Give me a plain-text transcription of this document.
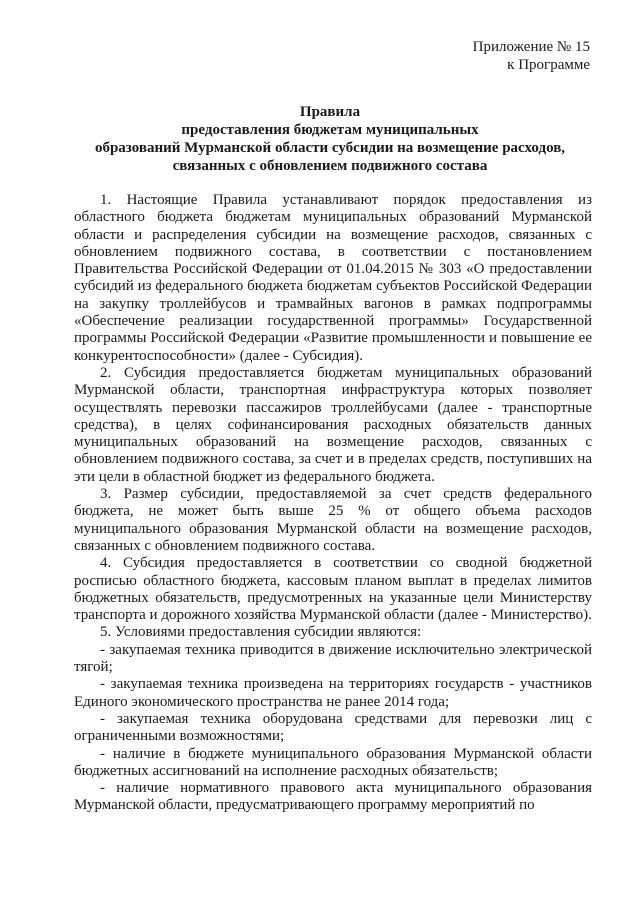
Приложение № 15
к Программе
Правила
предоставления бюджетам муниципальных
образований Мурманской области субсидии на возмещение расходов,
связанных с обновлением подвижного состава

1. Настоящие Правила устанавливают порядок предоставления из областного бюджета бюджетам муниципальных образований Мурманской области и распределения субсидии на возмещение расходов, связанных с обновлением подвижного состава, в соответствии с постановлением Правительства Российской Федерации от 01.04.2015 № 303 «О предоставлении субсидий из федерального бюджета бюджетам субъектов Российской Федерации на закупку троллейбусов и трамвайных вагонов в рамках подпрограммы «Обеспечение реализации государственной программы» Государственной программы Российской Федерации «Развитие промышленности и повышение ее конкурентоспособности» (далее - Субсидия).

2. Субсидия предоставляется бюджетам муниципальных образований Мурманской области, транспортная инфраструктура которых позволяет осуществлять перевозки пассажиров троллейбусами (далее - транспортные средства), в целях софинансирования расходных обязательств данных муниципальных образований на возмещение расходов, связанных с обновлением подвижного состава, за счет и в пределах средств, поступивших на эти цели в областной бюджет из федерального бюджета.

3. Размер субсидии, предоставляемой за счет средств федерального бюджета, не может быть выше 25 % от общего объема расходов муниципального образования Мурманской области на возмещение расходов, связанных с обновлением подвижного состава.

4. Субсидия предоставляется в соответствии со сводной бюджетной росписью областного бюджета, кассовым планом выплат в пределах лимитов бюджетных обязательств, предусмотренных на указанные цели Министерству транспорта и дорожного хозяйства Мурманской области (далее - Министерство).

5. Условиями предоставления субсидии являются:

- закупаемая техника приводится в движение исключительно электрической тягой;

- закупаемая техника произведена на территориях государств - участников Единого экономического пространства не ранее 2014 года;

- закупаемая техника оборудована средствами для перевозки лиц с ограниченными возможностями;

- наличие в бюджете муниципального образования Мурманской области бюджетных ассигнований на исполнение расходных обязательств;

- наличие нормативного правового акта муниципального образования Мурманской области, предусматривающего программу мероприятий по
